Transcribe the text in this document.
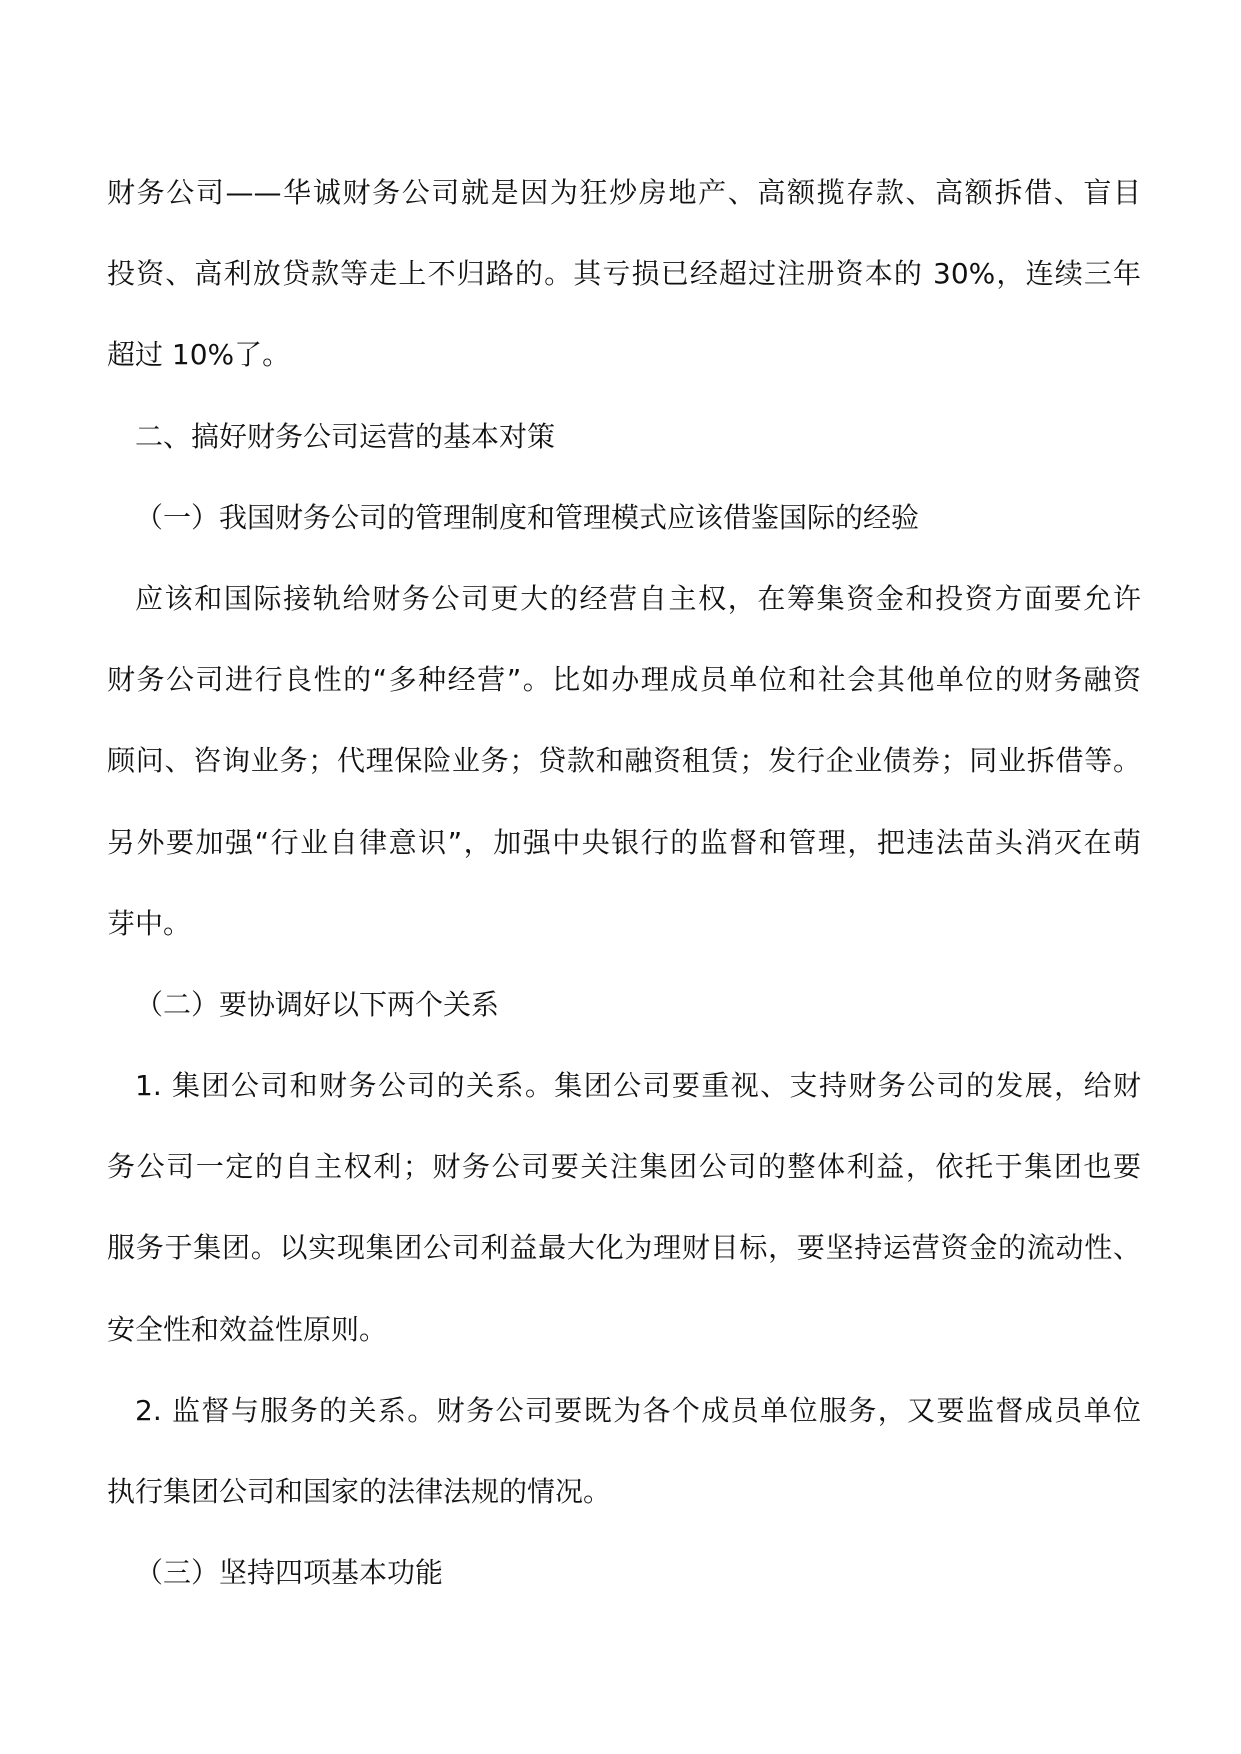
财务公司——华诚财务公司就是因为狂炒房地产、高额揽存款、高额拆借、盲目
投资、高利放贷款等走上不归路的。其亏损已经超过注册资本的 30%，连续三年
超过 10%了。
二、搞好财务公司运营的基本对策
（一）我国财务公司的管理制度和管理模式应该借鉴国际的经验
应该和国际接轨给财务公司更大的经营自主权，在筹集资金和投资方面要允许
财务公司进行良性的“多种经营”。比如办理成员单位和社会其他单位的财务融资
顾问、咨询业务；代理保险业务；贷款和融资租赁；发行企业债券；同业拆借等。
另外要加强“行业自律意识”，加强中央银行的监督和管理，把违法苗头消灭在萌
芽中。
（二）要协调好以下两个关系
1. 集团公司和财务公司的关系。集团公司要重视、支持财务公司的发展，给财
务公司一定的自主权利；财务公司要关注集团公司的整体利益，依托于集团也要
服务于集团。以实现集团公司利益最大化为理财目标，要坚持运营资金的流动性、
安全性和效益性原则。
2. 监督与服务的关系。财务公司要既为各个成员单位服务，又要监督成员单位
执行集团公司和国家的法律法规的情况。
（三）坚持四项基本功能
